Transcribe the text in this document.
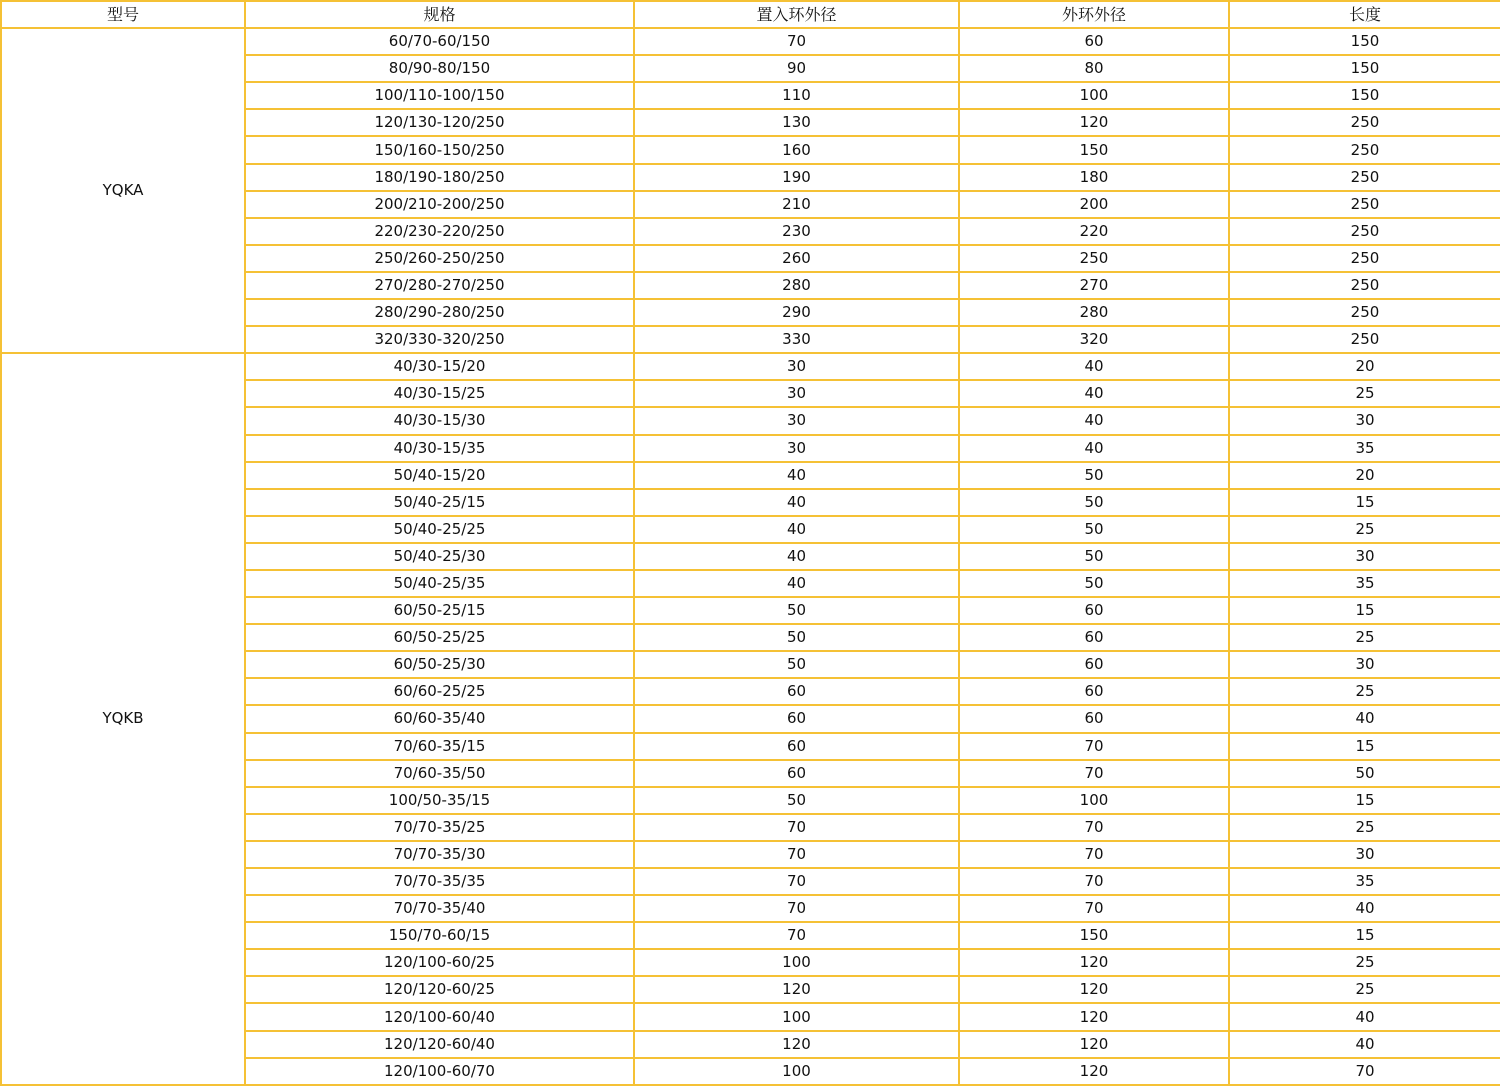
型号	规格	置入环外径	外环外径	长度
YQKA	60/70-60/150	70	60	150
	80/90-80/150	90	80	150
	100/110-100/150	110	100	150
	120/130-120/250	130	120	250
	150/160-150/250	160	150	250
	180/190-180/250	190	180	250
	200/210-200/250	210	200	250
	220/230-220/250	230	220	250
	250/260-250/250	260	250	250
	270/280-270/250	280	270	250
	280/290-280/250	290	280	250
	320/330-320/250	330	320	250
YQKB	40/30-15/20	30	40	20
	40/30-15/25	30	40	25
	40/30-15/30	30	40	30
	40/30-15/35	30	40	35
	50/40-15/20	40	50	20
	50/40-25/15	40	50	15
	50/40-25/25	40	50	25
	50/40-25/30	40	50	30
	50/40-25/35	40	50	35
	60/50-25/15	50	60	15
	60/50-25/25	50	60	25
	60/50-25/30	50	60	30
	60/60-25/25	60	60	25
	60/60-35/40	60	60	40
	70/60-35/15	60	70	15
	70/60-35/50	60	70	50
	100/50-35/15	50	100	15
	70/70-35/25	70	70	25
	70/70-35/30	70	70	30
	70/70-35/35	70	70	35
	70/70-35/40	70	70	40
	150/70-60/15	70	150	15
	120/100-60/25	100	120	25
	120/120-60/25	120	120	25
	120/100-60/40	100	120	40
	120/120-60/40	120	120	40
	120/100-60/70	100	120	70
